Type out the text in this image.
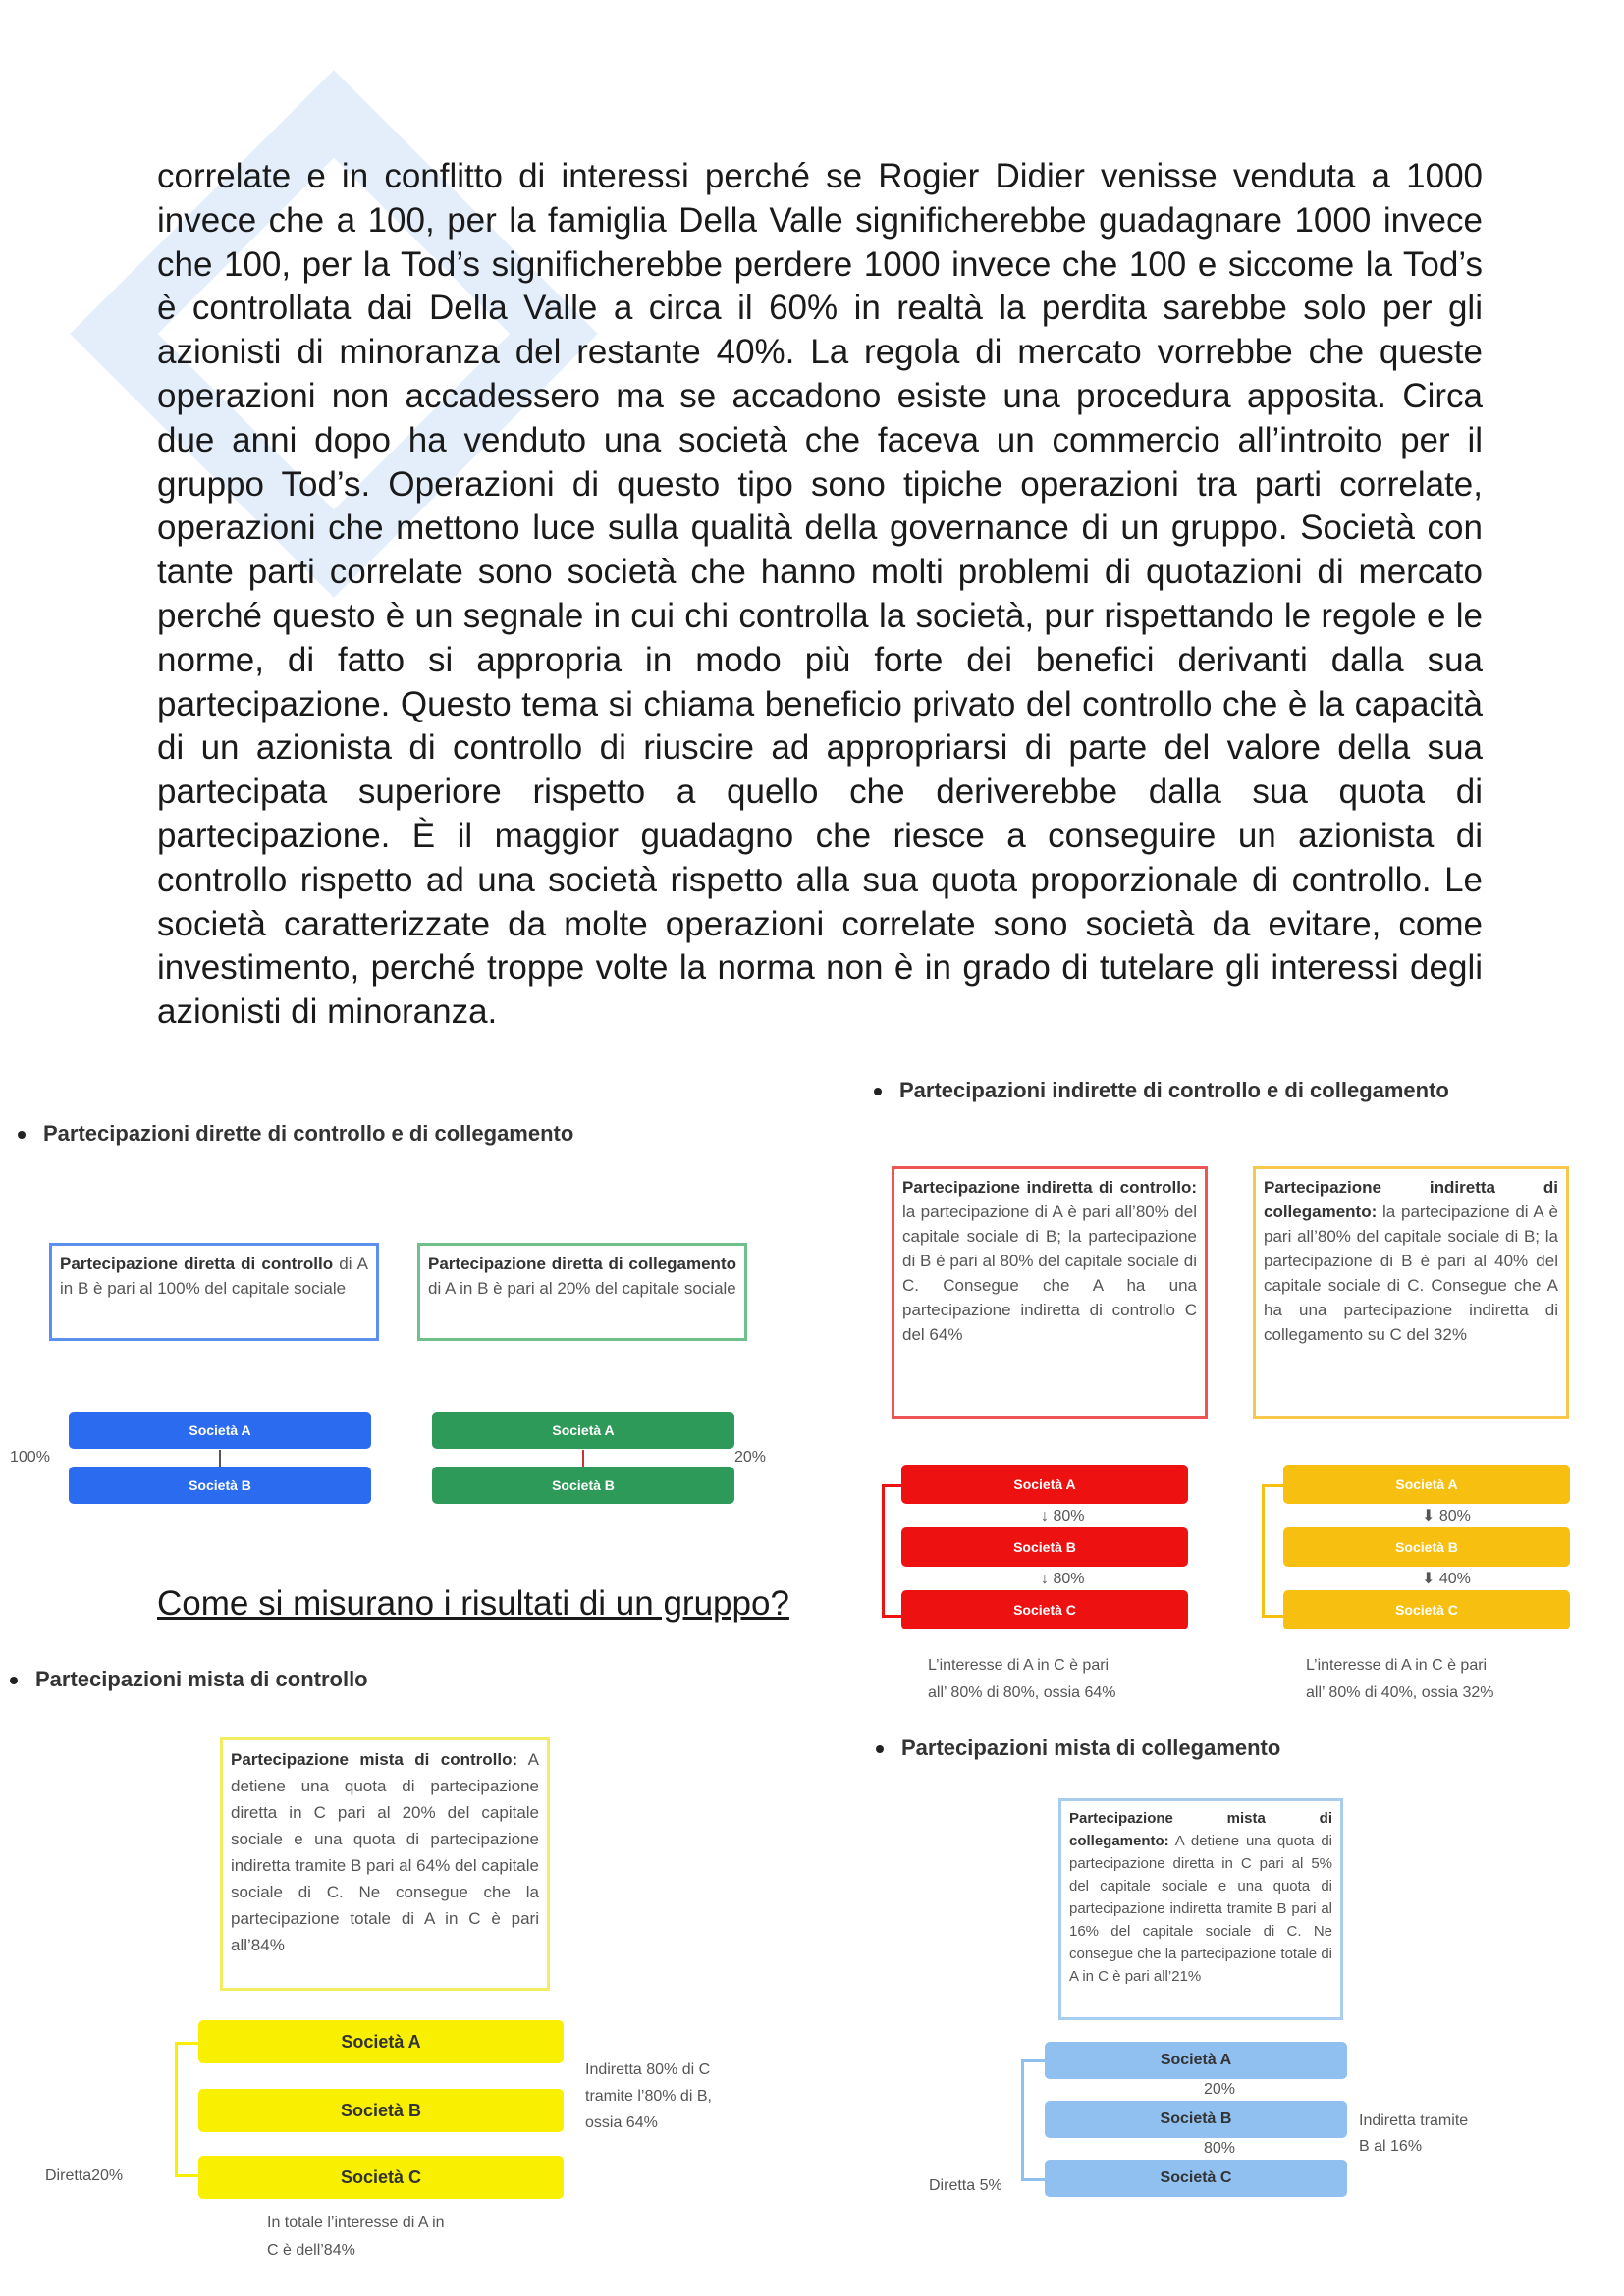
correlate e in conflitto di interessi perché se Rogier Didier venisse venduta a 1000 invece che a 100, per la famiglia Della Valle significherebbe guadagnare 1000 invece che 100, per la Tod’s significherebbe perdere 1000 invece che 100 e siccome la Tod’s è controllata dai Della Valle a circa il 60% in realtà la perdita sarebbe solo per gli azionisti di minoranza del restante 40%. La regola di mercato vorrebbe che queste operazioni non accadessero ma se accadono esiste una procedura apposita. Circa due anni dopo ha venduto una società che faceva un commercio all’introito per il gruppo Tod’s. Operazioni di questo tipo sono tipiche operazioni tra parti correlate, operazioni che mettono luce sulla qualità della governance di un gruppo. Società con tante parti correlate sono società che hanno molti problemi di quotazioni di mercato perché questo è un segnale in cui chi controlla la società, pur rispettando le regole e le norme, di fatto si appropria in modo più forte dei benefici derivanti dalla sua partecipazione. Questo tema si chiama beneficio privato del controllo che è la capacità di un azionista di controllo di riuscire ad appropriarsi di parte del valore della sua partecipata superiore rispetto a quello che deriverebbe dalla sua quota di partecipazione. È il maggior guadagno che riesce a conseguire un azionista di controllo rispetto ad una società rispetto alla sua quota proporzionale di controllo. Le società caratterizzate da molte operazioni correlate sono società da evitare, come investimento, perché troppe volte la norma non è in grado di tutelare gli interessi degli azionisti di minoranza.
Partecipazioni dirette di controllo e di collegamento
Partecipazione diretta di controllo di A in B è pari al 100% del capitale sociale
Partecipazione diretta di collegamento di A in B è pari al 20% del capitale sociale
Società A
Società B
100%
Società A
Società B
20%
Partecipazioni indirette di controllo e di collegamento
Partecipazione indiretta di controllo: la partecipazione di A è pari all’80% del capitale sociale di B; la partecipazione di B è pari al 80% del capitale sociale di C. Consegue che A ha una partecipazione indiretta di controllo C del 64%
Partecipazione indiretta di collegamento: la partecipazione di A è pari all’80% del capitale sociale di B; la partecipazione di B è pari al 40% del capitale sociale di C. Consegue che A ha una partecipazione indiretta di collegamento su C del 32%
Società A
↓ 80%
Società B
↓ 80%
Società C
L’interesse di A in C è pari
all’ 80% di 80%, ossia 64%
Società A
⬇ 80%
Società B
⬇ 40%
Società C
L’interesse di A in C è pari
all’ 80% di 40%, ossia 32%
Come si misurano i risultati di un gruppo?
Partecipazioni mista di controllo
Partecipazione mista di controllo: A detiene una quota di partecipazione diretta in C pari al 20% del capitale sociale e una quota di partecipazione indiretta tramite B pari al 64% del capitale sociale di C. Ne consegue che la partecipazione totale di A in C è pari all’84%
Società A
Società B
Società C
Indiretta 80% di C
tramite l’80% di B,
ossia 64%
Diretta20%
In totale l’interesse di A in
C è dell’84%
Partecipazioni mista di collegamento
Partecipazione mista di collegamento: A detiene una quota di partecipazione diretta in C pari al 5% del capitale sociale e una quota di partecipazione indiretta tramite B pari al 16% del capitale sociale di C. Ne consegue che la partecipazione totale di A in C è pari all’21%
Società A
20%
Società B
80%
Società C
Indiretta tramite
B al 16%
Diretta 5%
